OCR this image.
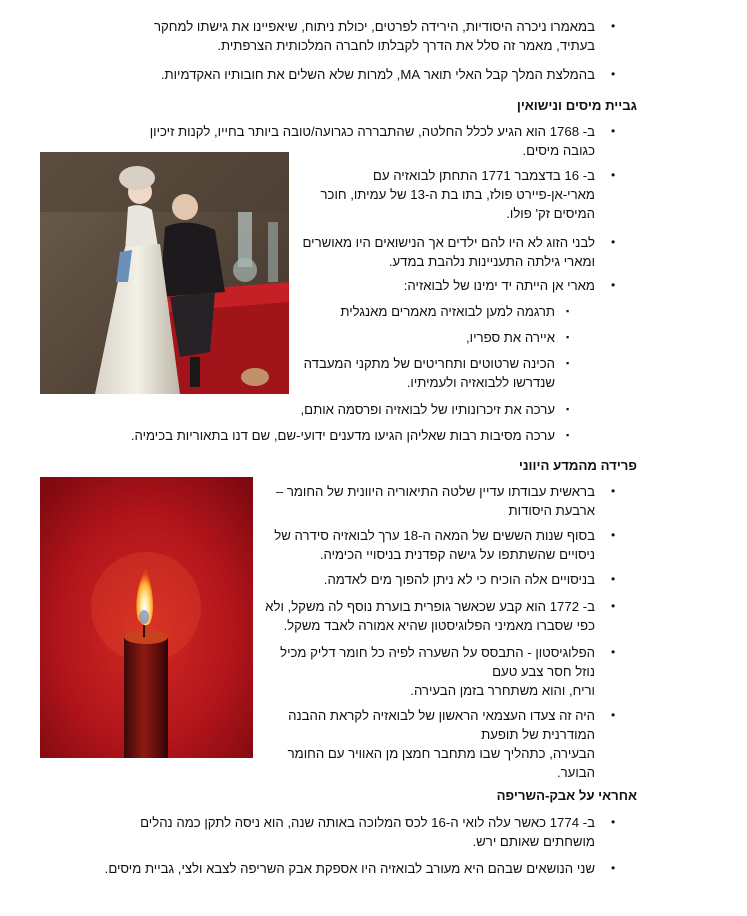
•
במאמרו ניכרה היסודיות, הירידה לפרטים, יכולת ניתוח, שיאפיינו את גישתו למחקר בעתיד, מאמר זה סלל את הדרך לקבלתו לחברה המלכותית הצרפתית.
•
בהמלצת המלך קבל האלי תואר MA, למרות שלא השלים את חובותיו האקדמיות.
גביית מיסים ונישואין
•
ב- 1768 הוא הגיע לכלל החלטה, שהתבררה כגרועה/טובה ביותר בחייו, לקנות זיכיון כגובה מיסים.
•
ב- 16 בדצמבר 1771 התחתן לבואזיה עם מארי-אן-פיירט פולז, בתו בת ה-13 של עמיתו, חוכר המיסים זק' פולו.
•
לבני הזוג לא היו להם ילדים אך הנישואים היו מאושרים ומארי גילתה התעניינות נלהבת במדע.
•
מארי אן הייתה יד ימינו של לבואזיה:
▪
תרגמה למען לבואזיה מאמרים מאנגלית
▪
איירה את ספריו,
▪
הכינה שרטוטים ותחריטים של מתקני המעבדה שנדרשו ללבואזיה ולעמיתיו.
▪
ערכה את זיכרונותיו של לבואזיה ופרסמה אותם,
▪
ערכה מסיבות רבות שאליהן הגיעו מדענים ידועי-שם, שם דנו בתאוריות בכימיה.
פרידה מהמדע היווני
•
בראשית עבודתו עדיין שלטה התיאוריה היוונית של החומר – ארבעת היסודות
•
בסוף שנות הששים של המאה ה-18 ערך לבואזיה סידרה של ניסויים שהשתתפו על גישה קפדנית בניסויי הכימיה.
•
בניסויים אלה הוכיח כי לא ניתן להפוך מים לאדמה.
•
ב- 1772 הוא קבע שכאשר גופרית בוערת נוסף לה משקל, ולא כפי שסברו מאמיני הפלוגיסטון שהיא אמורה לאבד משקל.
•
הפלוגיסטון - התבסס על השערה לפיה כל חומר דליק מכיל נוזל חסר צבע טעם
וריח, והוא משתחרר בזמן הבעירה.
•
היה זה צעדו העצמאי הראשון של לבואזיה לקראת ההבנה המודרנית של תופעת
הבעירה, כתהליך שבו מתחבר חמצן מן האוויר עם החומר הבוער.
אחראי על אבק-השריפה
•
ב- 1774 כאשר עלה לואי ה-16 לכס המלוכה באותה שנה, הוא ניסה לתקן כמה נהלים מושחתים שאותם ירש.
•
שני הנושאים שבהם היא מעורב לבואזיה היו אספקת אבק השריפה לצבא ולצי, גביית מיסים.
